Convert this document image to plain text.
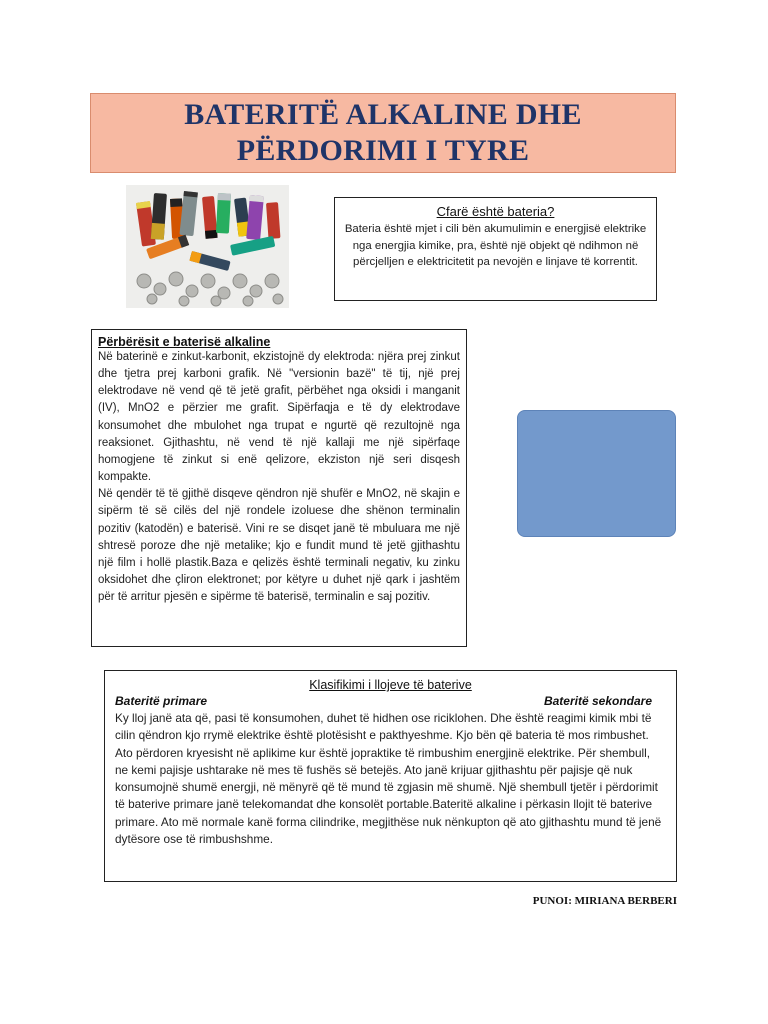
BATERITË ALKALINE DHE
PËRDORIMI I TYRE
Cfarë është bateria?
Bateria është mjet i cili bën akumulimin e energjisë elektrike nga energjia kimike, pra, është një objekt që ndihmon në përcjelljen e elektricitetit pa nevojën e linjave të korrentit.
Përbërësit e baterisë alkaline

Në baterinë e zinkut-karbonit, ekzistojnë dy elektroda: njëra prej zinkut dhe tjetra prej karboni grafik. Në "versionin bazë" të tij, një prej elektrodave në vend që të jetë grafit, përbëhet nga oksidi i manganit (IV), MnO2 e përzier me grafit. Sipërfaqja e të dy elektrodave konsumohet dhe mbulohet nga trupat e ngurtë që rezultojnë nga reaksionet. Gjithashtu, në vend të një kallaji me një sipërfaqe homogjene të zinkut si enë qelizore, ekziston një seri disqesh kompakte.

Në qendër të të gjithë disqeve qëndron një shufër e MnO2, në skajin e sipërm të së cilës del një rondele izoluese dhe shënon terminalin pozitiv (katodën) e baterisë. Vini re se disqet janë të mbuluara me një shtresë poroze dhe një metalike; kjo e fundit mund të jetë gjithashtu një film i hollë plastik.Baza e qelizës është terminali negativ, ku zinku oksidohet dhe çliron elektronet; por këtyre u duhet një qark i jashtëm për të arritur pjesën e sipërme të baterisë, terminalin e saj pozitiv.

Klasifikimi i llojeve të baterive
Bateritë primare	Bateritë sekondare

Ky lloj janë ata që, pasi të konsumohen, duhet të hidhen ose riciklohen. Dhe është reagimi kimik mbi të cilin qëndron kjo rrymë elektrike është plotësisht e pakthyeshme. Kjo bën që bateria të mos rimbushet. Ato përdoren kryesisht në aplikime kur është jopraktike të rimbushim energjinë elektrike. Për shembull, ne kemi pajisje ushtarake në mes të fushës së betejës. Ato janë krijuar gjithashtu për pajisje që nuk konsumojnë shumë energji, në mënyrë që të mund të zgjasin më shumë. Një shembull tjetër i përdorimit të baterive primare janë telekomandat dhe konsolët portable.Bateritë alkaline i përkasin llojit të baterive primare. Ato më normale kanë forma cilindrike, megjithëse nuk nënkupton që ato gjithashtu mund të jenë dytësore ose të rimbushshme.

PUNOI: MIRIANA BERBERI
